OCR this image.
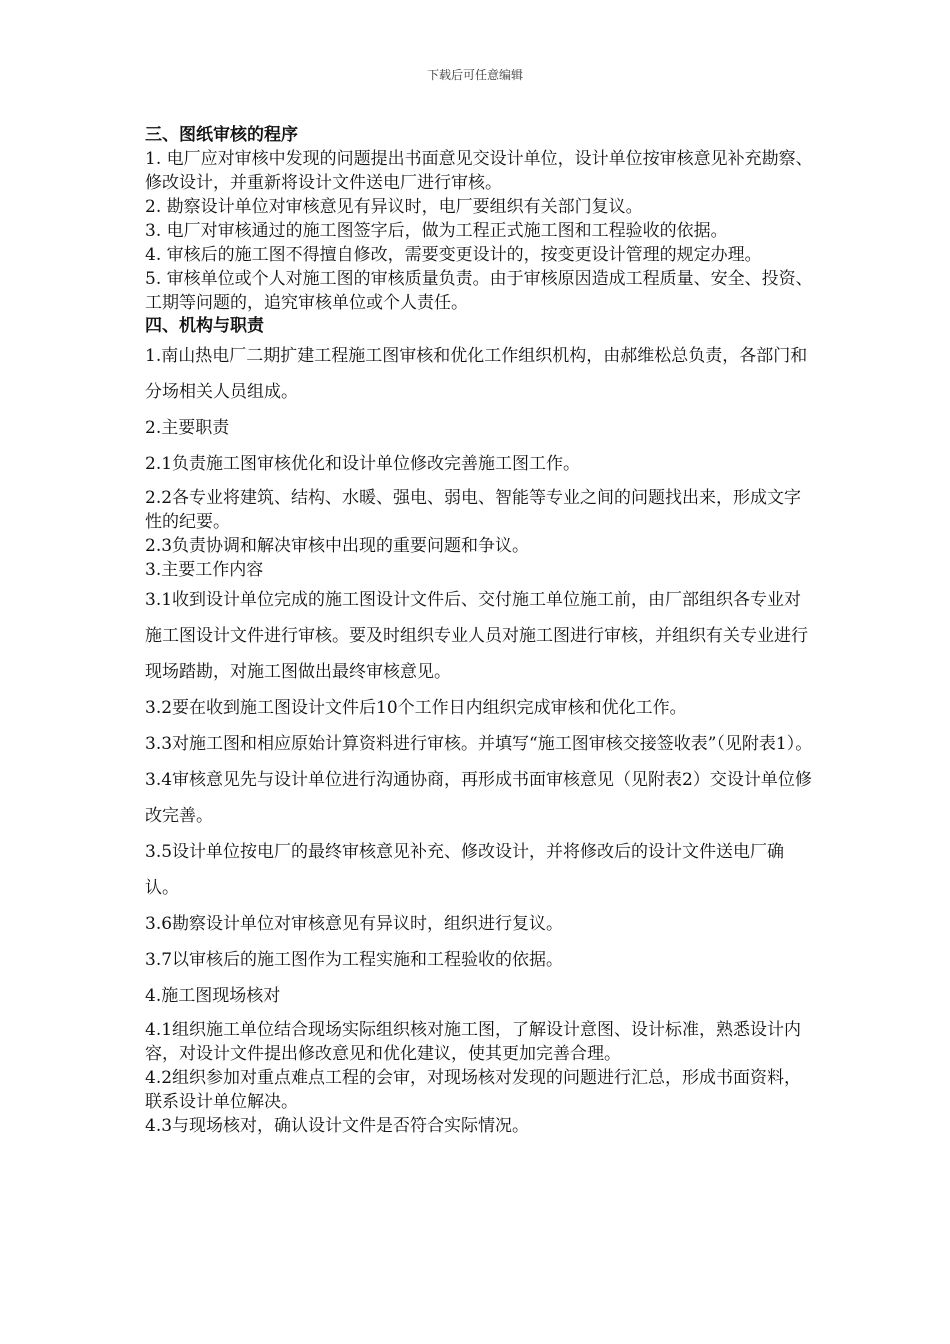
下载后可任意编辑

三、图纸审核的程序

1. 电厂应对审核中发现的问题提出书面意见交设计单位，设计单位按审核意见补充勘察、修改设计，并重新将设计文件送电厂进行审核。

2. 勘察设计单位对审核意见有异议时，电厂要组织有关部门复议。

3. 电厂对审核通过的施工图签字后，做为工程正式施工图和工程验收的依据。

4. 审核后的施工图不得擅自修改，需要变更设计的，按变更设计管理的规定办理。

5. 审核单位或个人对施工图的审核质量负责。由于审核原因造成工程质量、安全、投资、工期等问题的，追究审核单位或个人责任。

四、机构与职责

1.南山热电厂二期扩建工程施工图审核和优化工作组织机构，由郝维松总负责，各部门和分场相关人员组成。

2.主要职责

2.1负责施工图审核优化和设计单位修改完善施工图工作。

2.2各专业将建筑、结构、水暖、强电、弱电、智能等专业之间的问题找出来，形成文字性的纪要。

2.3负责协调和解决审核中出现的重要问题和争议。

3.主要工作内容

3.1收到设计单位完成的施工图设计文件后、交付施工单位施工前，由厂部组织各专业对施工图设计文件进行审核。要及时组织专业人员对施工图进行审核，并组织有关专业进行现场踏勘，对施工图做出最终审核意见。

3.2要在收到施工图设计文件后10个工作日内组织完成审核和优化工作。

3.3对施工图和相应原始计算资料进行审核。并填写“施工图审核交接签收表”（见附表1）。

3.4审核意见先与设计单位进行沟通协商，再形成书面审核意见（见附表2）交设计单位修改完善。

3.5设计单位按电厂的最终审核意见补充、修改设计，并将修改后的设计文件送电厂确认。

3.6勘察设计单位对审核意见有异议时，组织进行复议。

3.7以审核后的施工图作为工程实施和工程验收的依据。

4.施工图现场核对

4.1组织施工单位结合现场实际组织核对施工图，了解设计意图、设计标准，熟悉设计内容，对设计文件提出修改意见和优化建议，使其更加完善合理。

4.2组织参加对重点难点工程的会审，对现场核对发现的问题进行汇总，形成书面资料，联系设计单位解决。

4.3与现场核对，确认设计文件是否符合实际情况。
